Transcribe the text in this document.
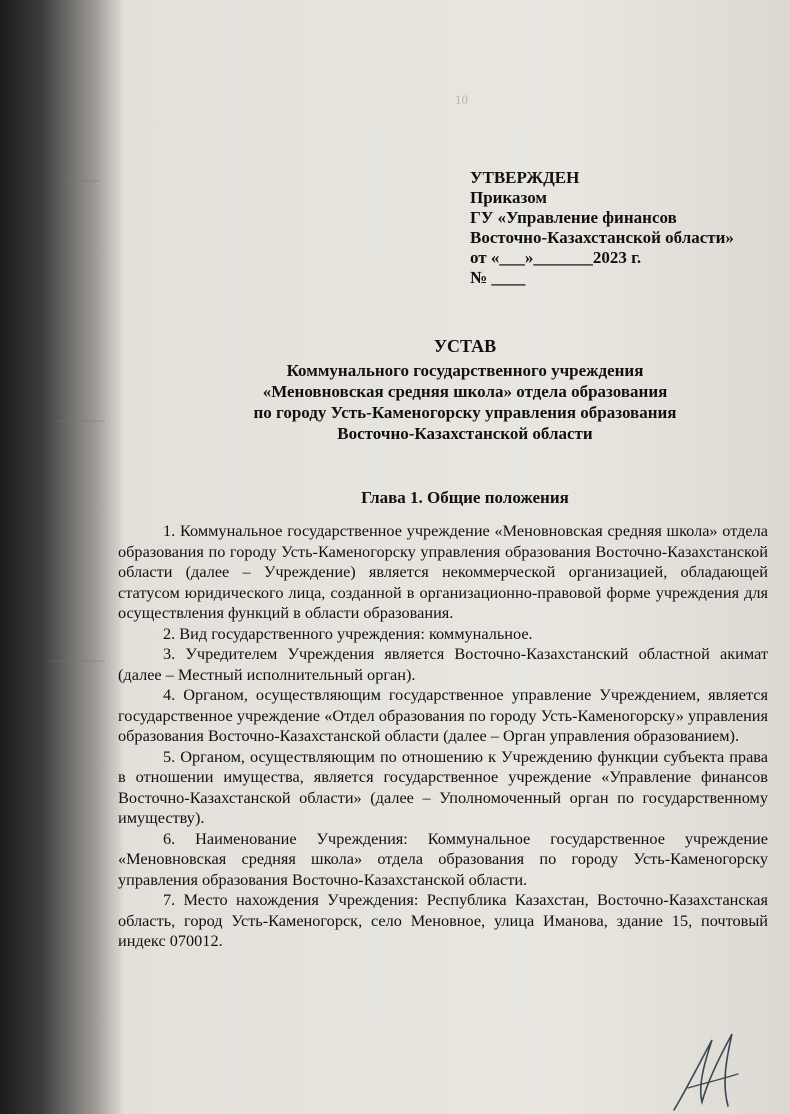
10
УТВЕРЖДЕН
Приказом
ГУ «Управление финансов
Восточно-Казахстанской области»
от «___»_______2023 г.
№ ____
УСТАВ
Коммунального государственного учреждения
«Меновновская средняя школа» отдела образования
по городу Усть-Каменогорску управления образования
Восточно-Казахстанской области
Глава 1. Общие положения

1. Коммунальное государственное учреждение «Меновновская средняя школа» отдела образования по городу Усть-Каменогорску управления образования Восточно-Казахстанской области (далее – Учреждение) является некоммерческой организацией, обладающей статусом юридического лица, созданной в организационно-правовой форме учреждения для осуществления функций в области образования.

2. Вид государственного учреждения: коммунальное.

3. Учредителем Учреждения является Восточно-Казахстанский областной акимат (далее – Местный исполнительный орган).

4. Органом, осуществляющим государственное управление Учреждением, является государственное учреждение «Отдел образования по городу Усть-Каменогорску» управления образования Восточно-Казахстанской области (далее – Орган управления образованием).

5. Органом, осуществляющим по отношению к Учреждению функции субъекта права в отношении имущества, является государственное учреждение «Управление финансов Восточно-Казахстанской области» (далее – Уполномоченный орган по государственному имуществу).

6. Наименование Учреждения: Коммунальное государственное учреждение «Меновновская средняя школа» отдела образования по городу Усть-Каменогорску управления образования Восточно-Казахстанской области.

7. Место нахождения Учреждения: Республика Казахстан, Восточно-Казахстанская область, город Усть-Каменогорск, село Меновное, улица Иманова, здание 15, почтовый индекс 070012.
